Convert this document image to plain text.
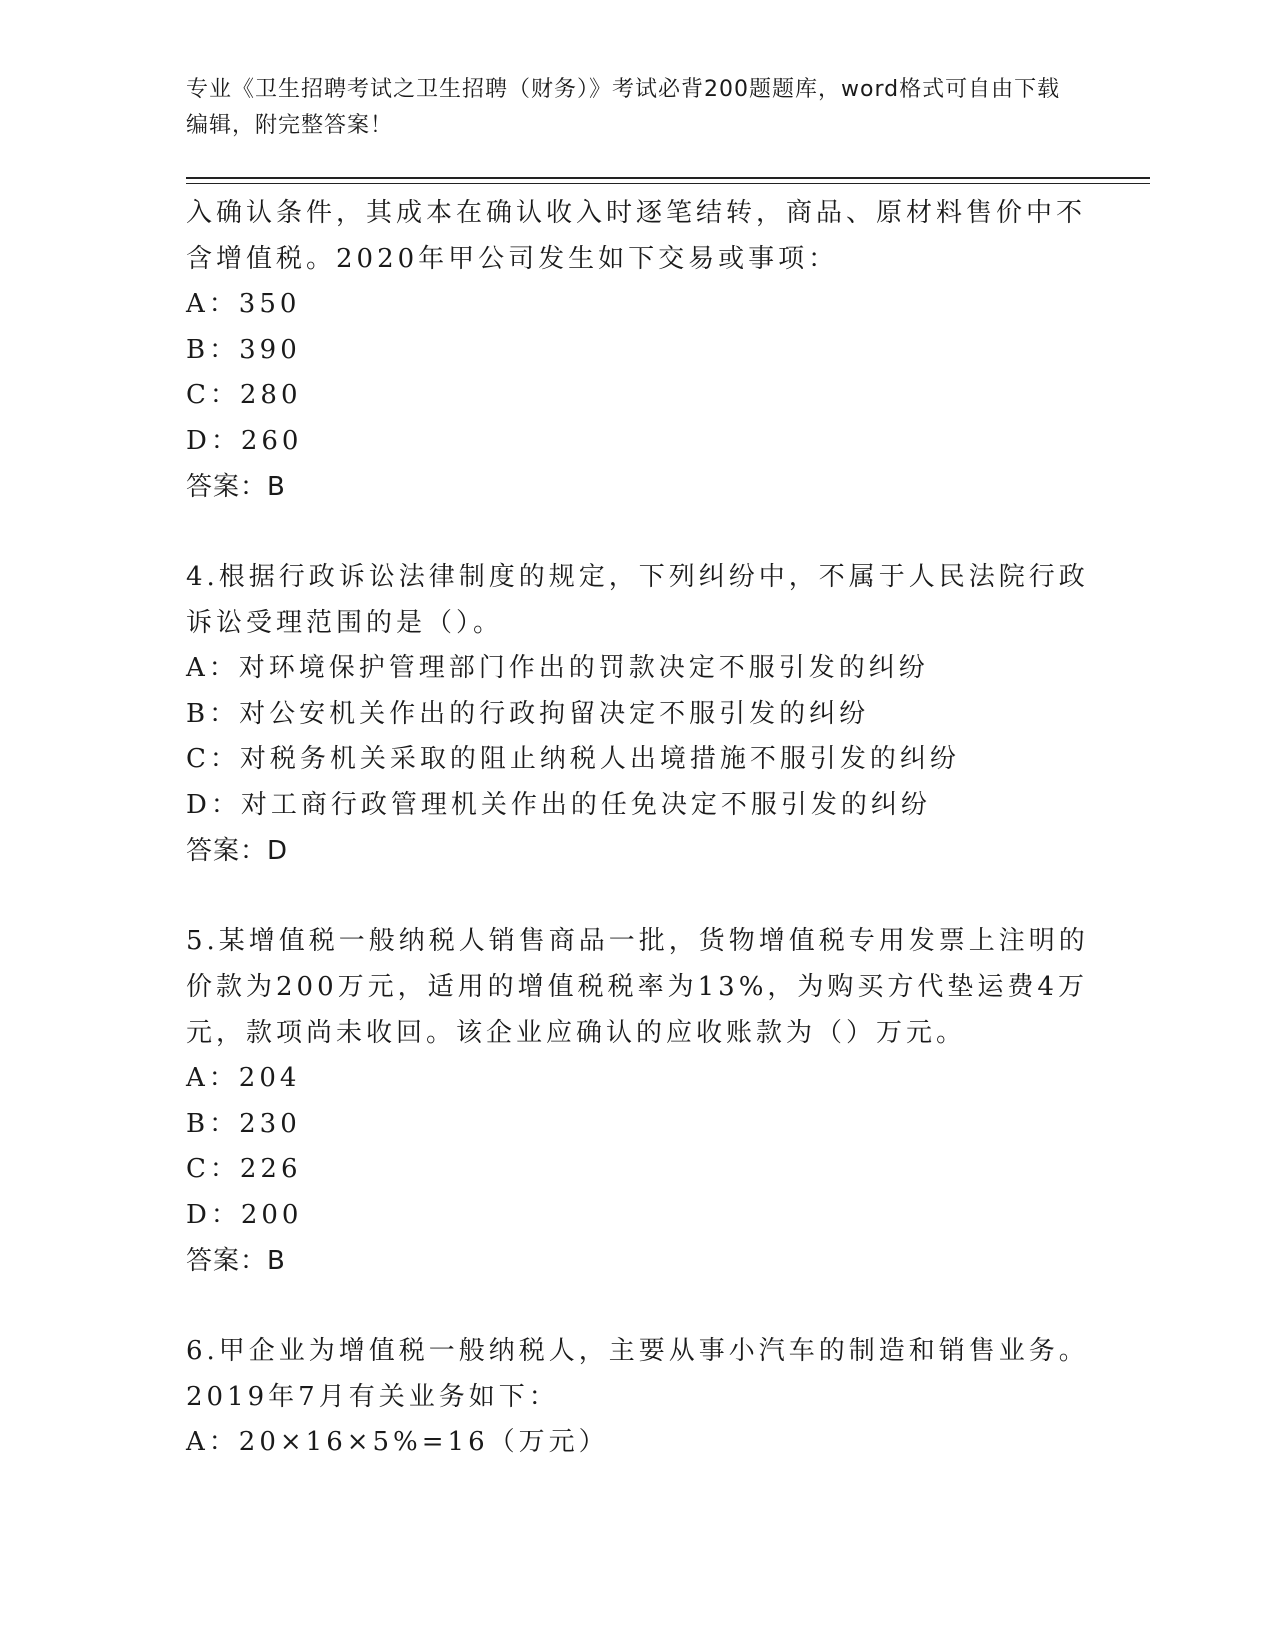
专业《卫生招聘考试之卫生招聘（财务）》考试必背200题题库，word格式可自由下载编辑，附完整答案！
入确认条件，其成本在确认收入时逐笔结转，商品、原材料售价中不含增值税。2020年甲公司发生如下交易或事项：
A：350
B：390
C：280
D：260
答案：B
4.根据行政诉讼法律制度的规定，下列纠纷中，不属于人民法院行政诉讼受理范围的是（）。
A：对环境保护管理部门作出的罚款决定不服引发的纠纷
B：对公安机关作出的行政拘留决定不服引发的纠纷
C：对税务机关采取的阻止纳税人出境措施不服引发的纠纷
D：对工商行政管理机关作出的任免决定不服引发的纠纷
答案：D
5.某增值税一般纳税人销售商品一批，货物增值税专用发票上注明的价款为200万元，适用的增值税税率为13%，为购买方代垫运费4万元，款项尚未收回。该企业应确认的应收账款为（）万元。
A：204
B：230
C：226
D：200
答案：B
6.甲企业为增值税一般纳税人，主要从事小汽车的制造和销售业务。2019年7月有关业务如下：
A：20×16×5%=16（万元）
